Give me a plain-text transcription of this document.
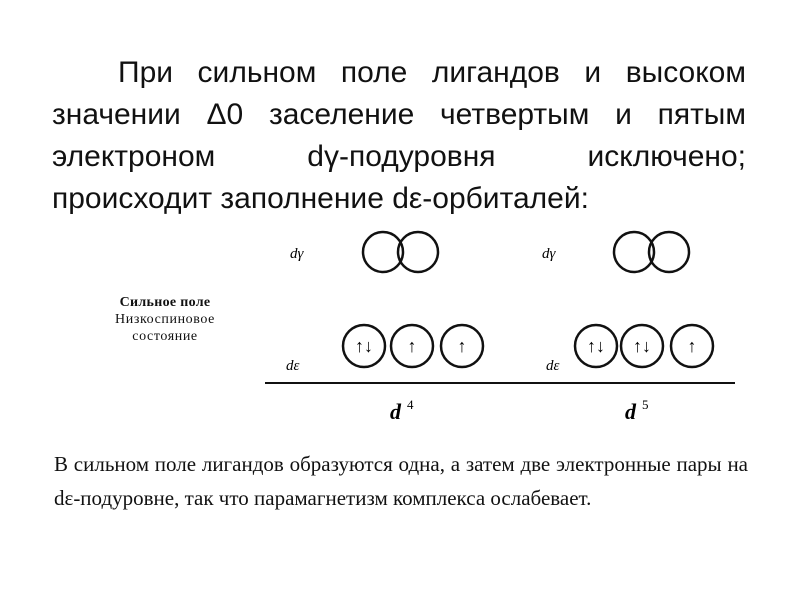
При сильном поле лигандов и высоком значении Δ0 заселение четвертым и пятым электроном dγ-подуровня исключено; происходит заполнение dε-орбиталей:

Сильное поле
Низкоспиновое
состояние
dγ
dε
↑↓ ↑ ↑
d $^4$
dγ
dε
↑↓ ↑↓ ↑
d $^5$

В сильном поле лигандов образуются одна, а затем две электронные пары на dε-подуровне, так что парамагнетизм комплекса ослабевает.
